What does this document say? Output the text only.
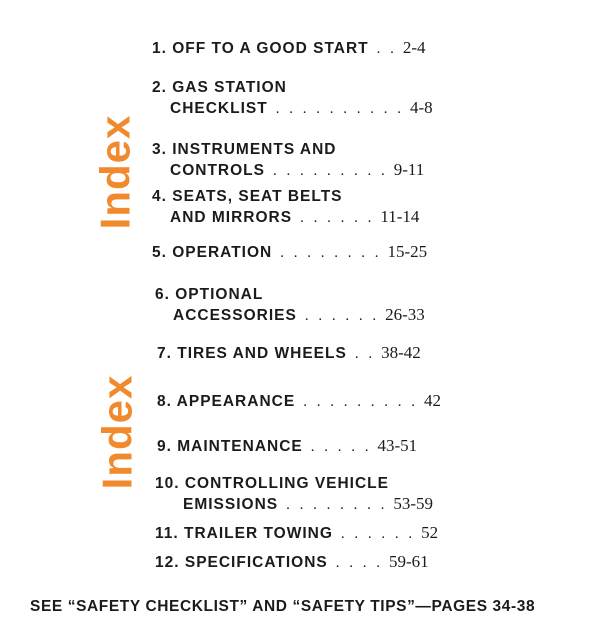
Index
Index
1. OFF TO A GOOD START . . 2-4
2. GAS STATION
CHECKLIST . . . . . . . . . . 4-8
3. INSTRUMENTS AND
CONTROLS . . . . . . . . . 9-11
4. SEATS, SEAT BELTS
AND MIRRORS . . . . . . 11-14
5. OPERATION . . . . . . . . 15-25
6. OPTIONAL
ACCESSORIES . . . . . . 26-33
7. TIRES AND WHEELS . . 38-42
8. APPEARANCE . . . . . . . . . 42
9. MAINTENANCE . . . . . 43-51
10. CONTROLLING VEHICLE
EMISSIONS . . . . . . . . 53-59
11. TRAILER TOWING . . . . . . 52
12. SPECIFICATIONS . . . . 59-61
SEE “SAFETY CHECKLIST” AND “SAFETY TIPS”—PAGES 34-38
